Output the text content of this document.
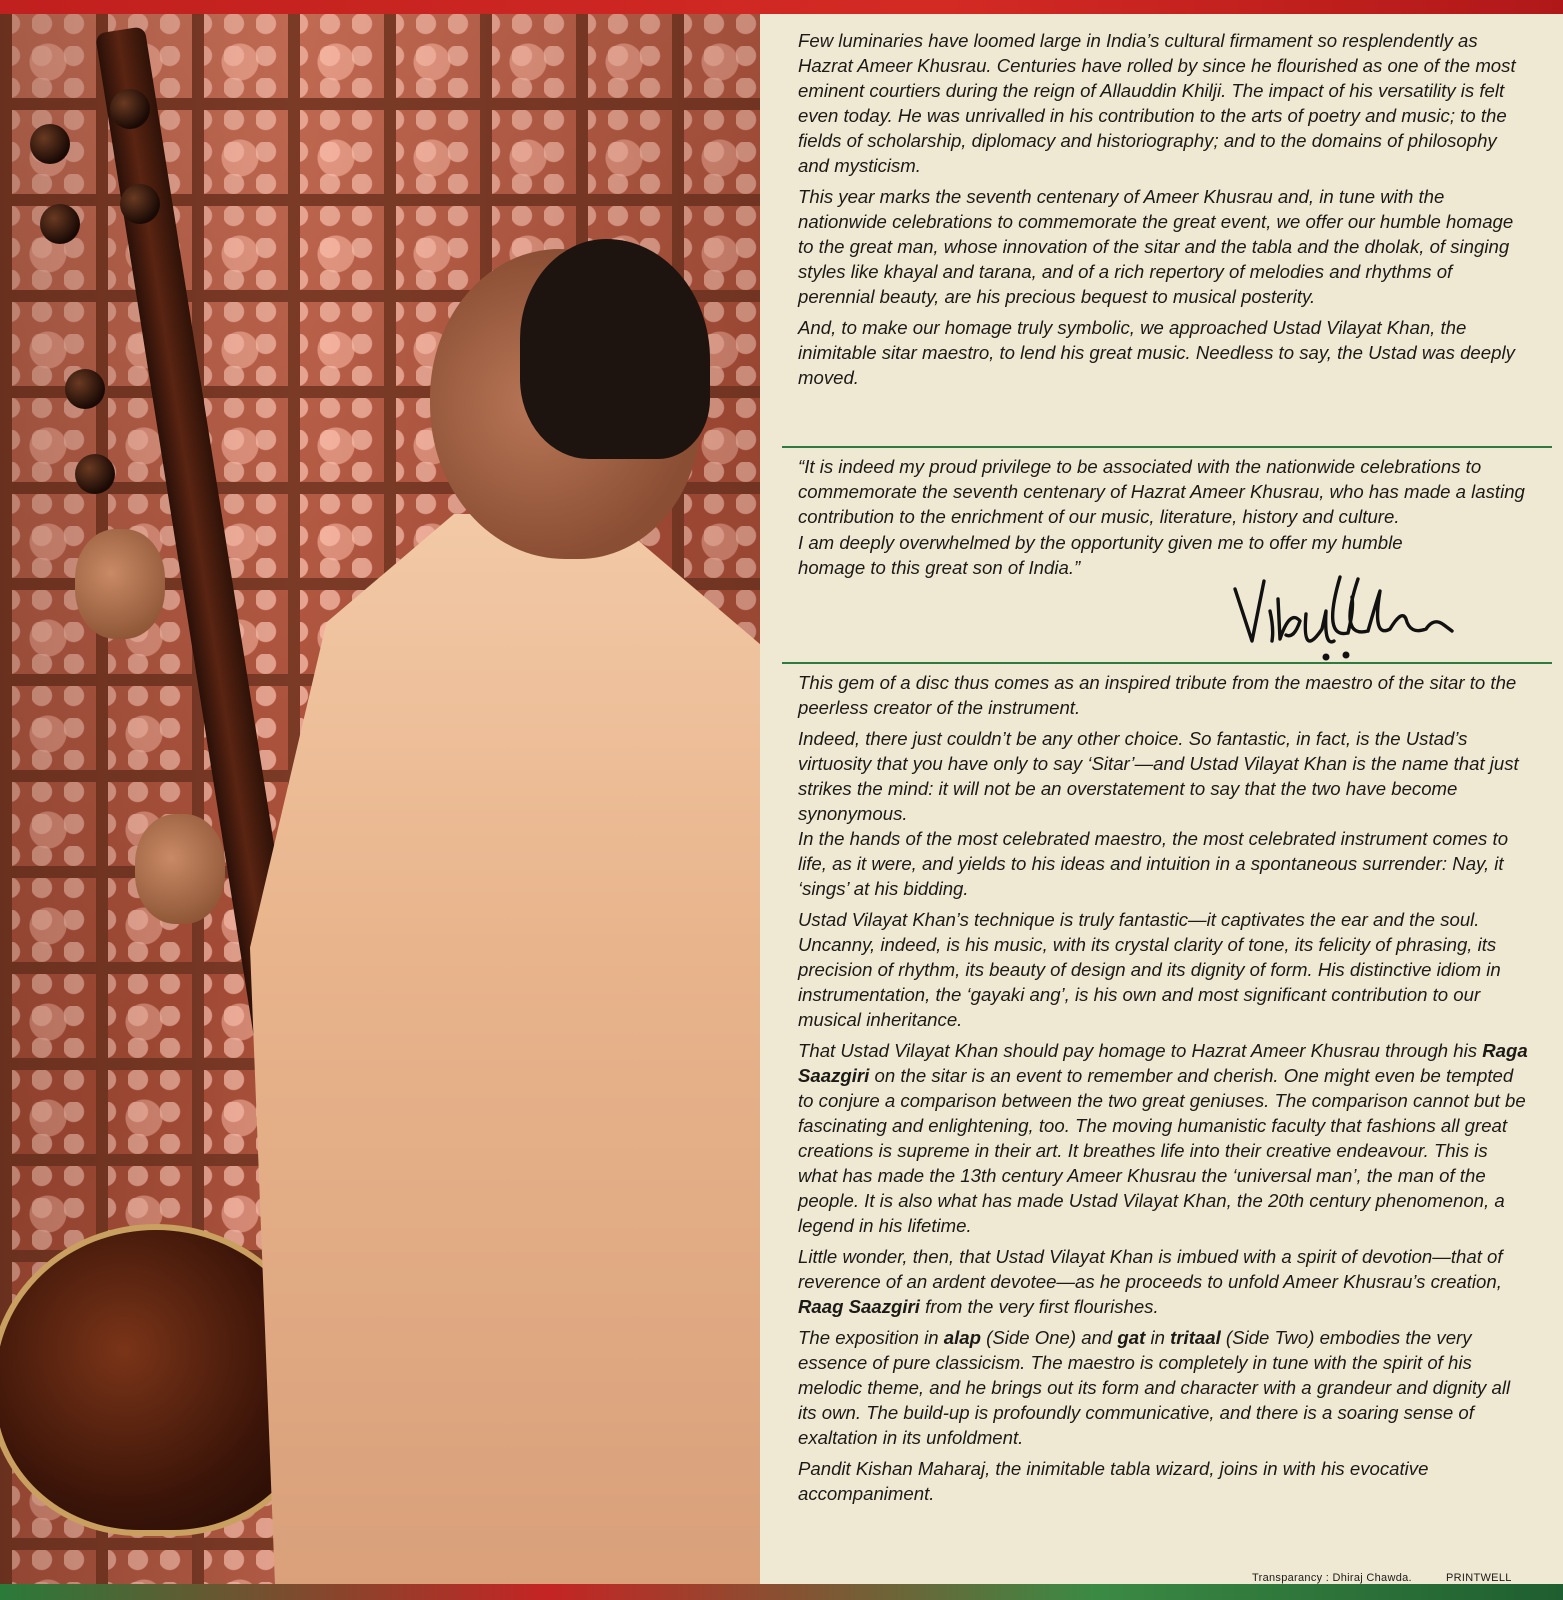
Few luminaries have loomed large in India’s cultural firmament so resplendently as Hazrat Ameer Khusrau. Centuries have rolled by since he flourished as one of the most eminent courtiers during the reign of Allauddin Khilji. The impact of his versatility is felt even today. He was unrivalled in his contribution to the arts of poetry and music; to the fields of scholarship, diplomacy and historiography; and to the domains of philosophy and mysticism.

This year marks the seventh centenary of Ameer Khusrau and, in tune with the nationwide celebrations to commemorate the great event, we offer our humble homage to the great man, whose innovation of the sitar and the tabla and the dholak, of singing styles like khayal and tarana, and of a rich repertory of melodies and rhythms of perennial beauty, are his precious bequest to musical posterity.

And, to make our homage truly symbolic, we approached Ustad Vilayat Khan, the inimitable sitar maestro, to lend his great music. Needless to say, the Ustad was deeply moved.

“It is indeed my proud privilege to be associated with the nationwide celebrations to commemorate the seventh centenary of Hazrat Ameer Khusrau, who has made a lasting contribution to the enrichment of our music, literature, history and culture.

I am deeply overwhelmed by the opportunity given me to offer my humble homage to this great son of India.”

This gem of a disc thus comes as an inspired tribute from the maestro of the sitar to the peerless creator of the instrument.

Indeed, there just couldn’t be any other choice. So fantastic, in fact, is the Ustad’s virtuosity that you have only to say ‘Sitar’—and Ustad Vilayat Khan is the name that just strikes the mind: it will not be an overstatement to say that the two have become synonymous.

In the hands of the most celebrated maestro, the most celebrated instrument comes to life, as it were, and yields to his ideas and intuition in a spontaneous surrender: Nay, it ‘sings’ at his bidding.

Ustad Vilayat Khan’s technique is truly fantastic—it captivates the ear and the soul. Uncanny, indeed, is his music, with its crystal clarity of tone, its felicity of phrasing, its precision of rhythm, its beauty of design and its dignity of form. His distinctive idiom in instrumentation, the ‘gayaki ang’, is his own and most significant contribution to our musical inheritance.

That Ustad Vilayat Khan should pay homage to Hazrat Ameer Khusrau through his Raga Saazgiri on the sitar is an event to remember and cherish. One might even be tempted to conjure a comparison between the two great geniuses. The comparison cannot but be fascinating and enlightening, too. The moving humanistic faculty that fashions all great creations is supreme in their art. It breathes life into their creative endeavour. This is what has made the 13th century Ameer Khusrau the ‘universal man’, the man of the people. It is also what has made Ustad Vilayat Khan, the 20th century phenomenon, a legend in his lifetime.

Little wonder, then, that Ustad Vilayat Khan is imbued with a spirit of devotion—that of reverence of an ardent devotee—as he proceeds to unfold Ameer Khusrau’s creation, Raag Saazgiri from the very first flourishes.

The exposition in alap (Side One) and gat in tritaal (Side Two) embodies the very essence of pure classicism. The maestro is completely in tune with the spirit of his melodic theme, and he brings out its form and character with a grandeur and dignity all its own. The build-up is profoundly communicative, and there is a soaring sense of exaltation in its unfoldment.

Pandit Kishan Maharaj, the inimitable tabla wizard, joins in with his evocative accompaniment.

Transparancy : Dhiraj Chawda.	PRINTWELL
